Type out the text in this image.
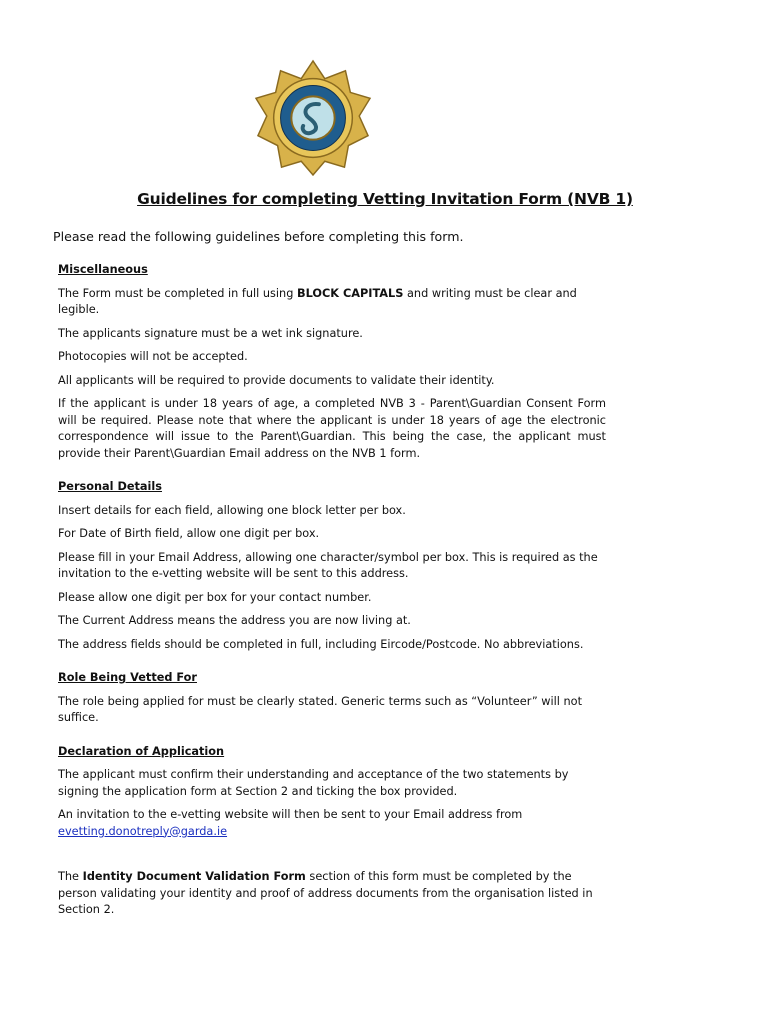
Guidelines for completing Vetting Invitation Form (NVB 1)
Please read the following guidelines before completing this form.

Miscellaneous

The Form must be completed in full using BLOCK CAPITALS and writing must be clear and legible.

The applicants signature must be a wet ink signature.

Photocopies will not be accepted.

All applicants will be required to provide documents to validate their identity.

If the applicant is under 18 years of age, a completed NVB 3 - Parent\Guardian Consent Form will be required. Please note that where the applicant is under 18 years of age the electronic correspondence will issue to the Parent\Guardian. This being the case, the applicant must provide their Parent\Guardian Email address on the NVB 1 form.

Personal Details

Insert details for each field, allowing one block letter per box.

For Date of Birth field, allow one digit per box.

Please fill in your Email Address, allowing one character/symbol per box. This is required as the invitation to the e-vetting website will be sent to this address.

Please allow one digit per box for your contact number.

The Current Address means the address you are now living at.

The address fields should be completed in full, including Eircode/Postcode. No abbreviations.

Role Being Vetted For

The role being applied for must be clearly stated. Generic terms such as “Volunteer” will not suffice.

Declaration of Application

The applicant must confirm their understanding and acceptance of the two statements by signing the application form at Section 2 and ticking the box provided.

An invitation to the e-vetting website will then be sent to your Email address from
evetting.donotreply@garda.ie

The Identity Document Validation Form section of this form must be completed by the person validating your identity and proof of address documents from the organisation listed in Section 2.
